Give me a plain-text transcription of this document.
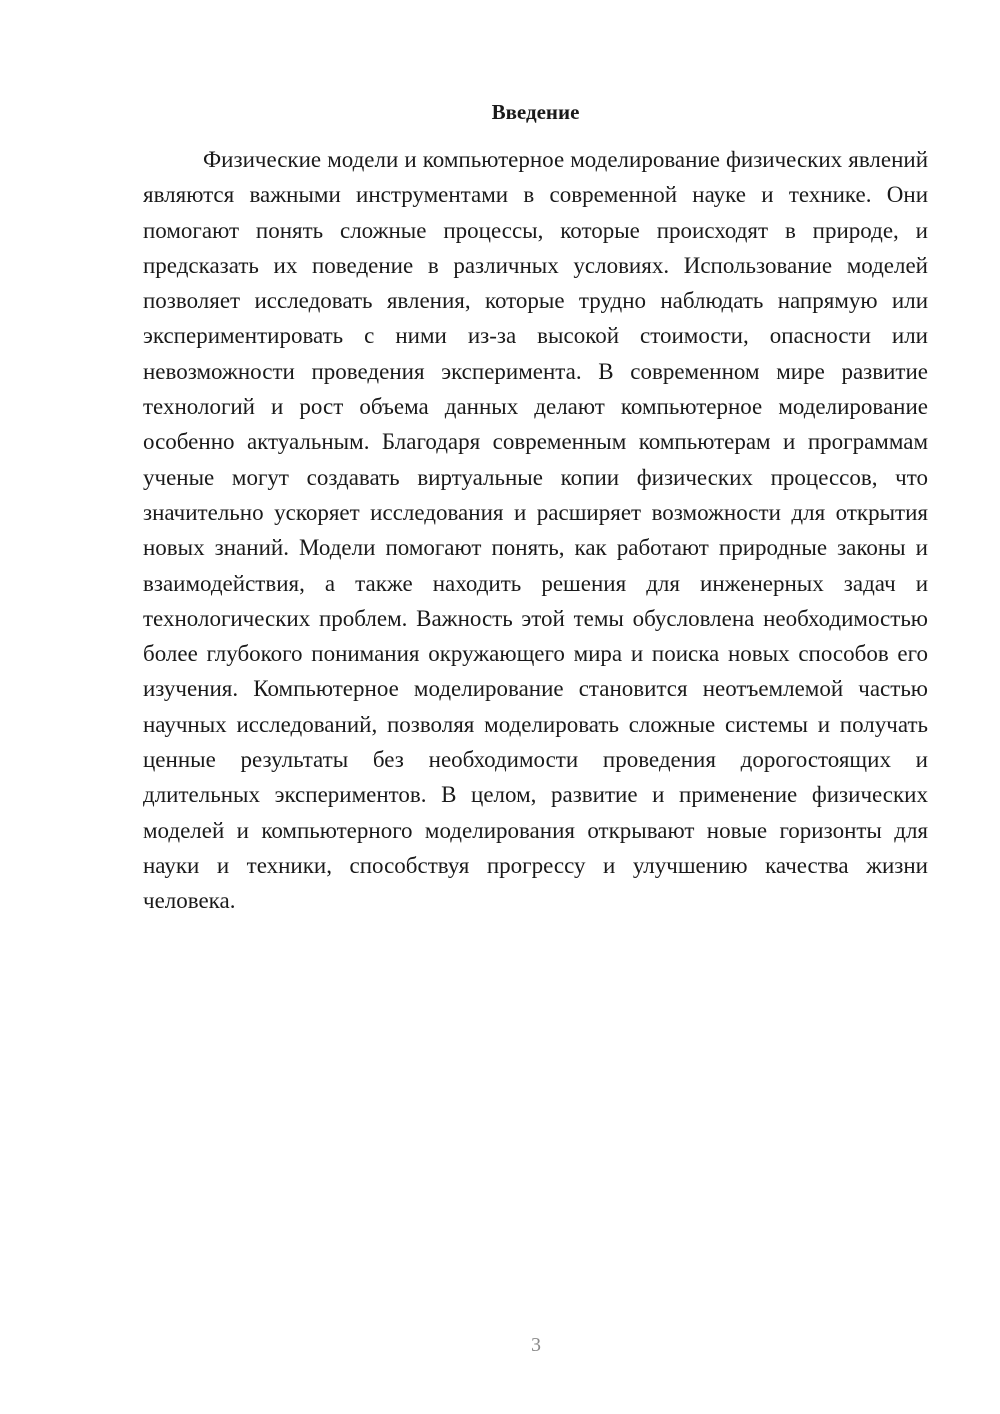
Введение

Физические модели и компьютерное моделирование физических явлений являются важными инструментами в современной науке и технике. Они помогают понять сложные процессы, которые происходят в природе, и предсказать их поведение в различных условиях. Использование моделей позволяет исследовать явления, которые трудно наблюдать напрямую или экспериментировать с ними из-за высокой стоимости, опасности или невозможности проведения эксперимента. В современном мире развитие технологий и рост объема данных делают компьютерное моделирование особенно актуальным. Благодаря современным компьютерам и программам ученые могут создавать виртуальные копии физических процессов, что значительно ускоряет исследования и расширяет возможности для открытия новых знаний. Модели помогают понять, как работают природные законы и взаимодействия, а также находить решения для инженерных задач и технологических проблем. Важность этой темы обусловлена необходимостью более глубокого понимания окружающего мира и поиска новых способов его изучения. Компьютерное моделирование становится неотъемлемой частью научных исследований, позволяя моделировать сложные системы и получать ценные результаты без необходимости проведения дорогостоящих и длительных экспериментов. В целом, развитие и применение физических моделей и компьютерного моделирования открывают новые горизонты для науки и техники, способствуя прогрессу и улучшению качества жизни человека.

3
